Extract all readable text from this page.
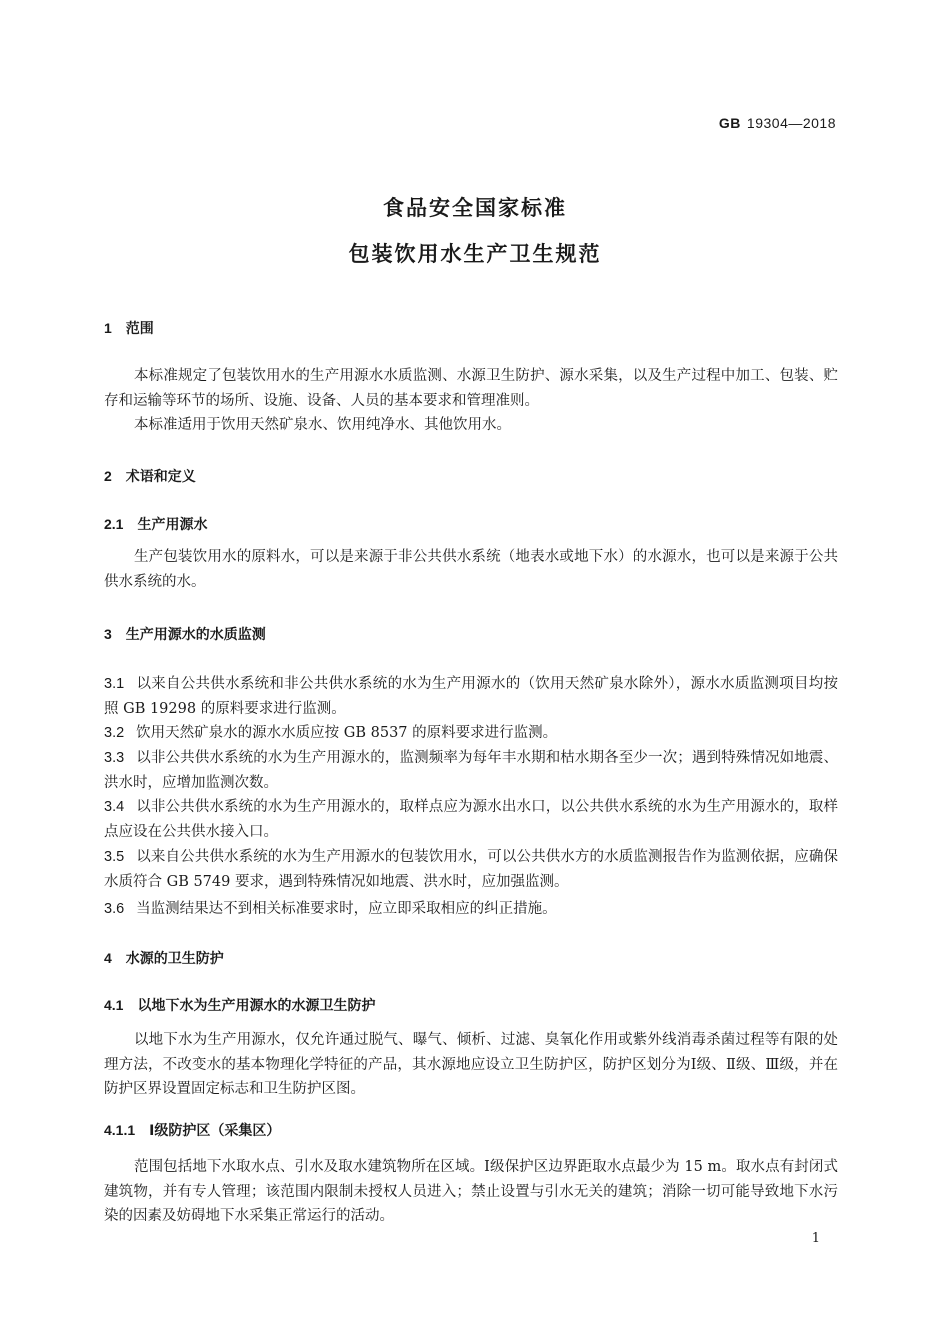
GB 19304—2018
食品安全国家标准
包装饮用水生产卫生规范
1 范围
本标准规定了包装饮用水的生产用源水水质监测、水源卫生防护、源水采集，以及生产过程中加工、包装、贮存和运输等环节的场所、设施、设备、人员的基本要求和管理准则。
本标准适用于饮用天然矿泉水、饮用纯净水、其他饮用水。
2 术语和定义
2.1 生产用源水
生产包装饮用水的原料水，可以是来源于非公共供水系统（地表水或地下水）的水源水，也可以是来源于公共供水系统的水。
3 生产用源水的水质监测
3.1 以来自公共供水系统和非公共供水系统的水为生产用源水的（饮用天然矿泉水除外），源水水质监测项目均按照 GB 19298 的原料要求进行监测。
3.2 饮用天然矿泉水的源水水质应按 GB 8537 的原料要求进行监测。
3.3 以非公共供水系统的水为生产用源水的，监测频率为每年丰水期和枯水期各至少一次；遇到特殊情况如地震、洪水时，应增加监测次数。
3.4 以非公共供水系统的水为生产用源水的，取样点应为源水出水口，以公共供水系统的水为生产用源水的，取样点应设在公共供水接入口。
3.5 以来自公共供水系统的水为生产用源水的包装饮用水，可以公共供水方的水质监测报告作为监测依据，应确保水质符合 GB 5749 要求，遇到特殊情况如地震、洪水时，应加强监测。
3.6 当监测结果达不到相关标准要求时，应立即采取相应的纠正措施。
4 水源的卫生防护
4.1 以地下水为生产用源水的水源卫生防护
以地下水为生产用源水，仅允许通过脱气、曝气、倾析、过滤、臭氧化作用或紫外线消毒杀菌过程等有限的处理方法，不改变水的基本物理化学特征的产品，其水源地应设立卫生防护区，防护区划分为Ⅰ级、Ⅱ级、Ⅲ级，并在防护区界设置固定标志和卫生防护区图。
4.1.1 Ⅰ级防护区（采集区）
范围包括地下水取水点、引水及取水建筑物所在区域。Ⅰ级保护区边界距取水点最少为 15 m。取水点有封闭式建筑物，并有专人管理；该范围内限制未授权人员进入；禁止设置与引水无关的建筑；消除一切可能导致地下水污染的因素及妨碍地下水采集正常运行的活动。
1
